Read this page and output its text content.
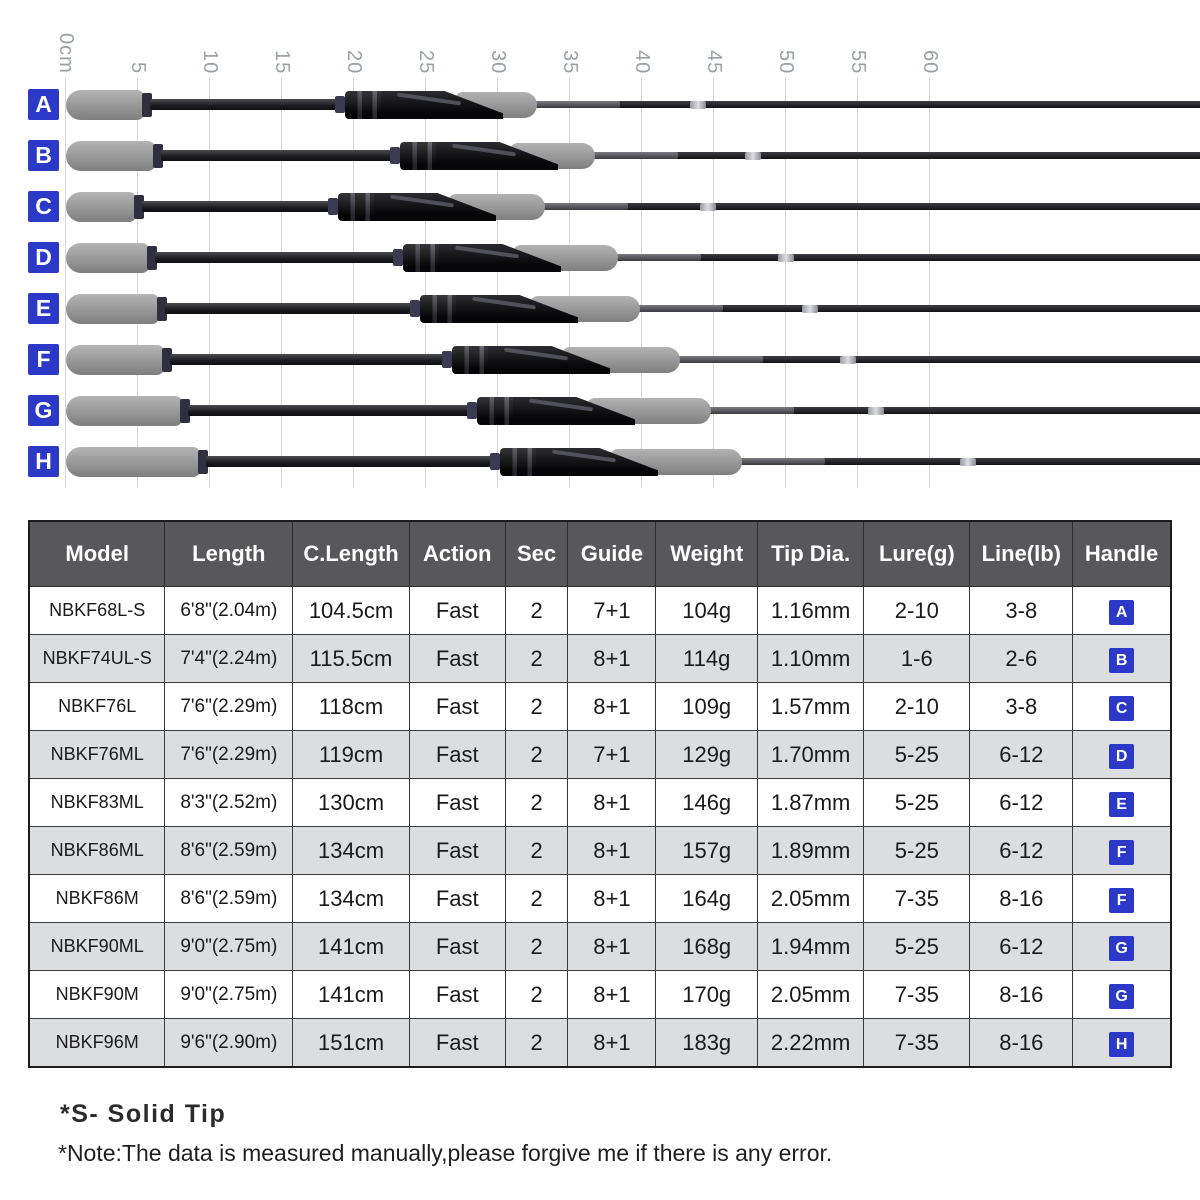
0cm	5	10	15	20	25	30	35	40	45	50	55	60
A
B
C
D
E
F
G
H
Model	Length	C.Length	Action	Sec	Guide	Weight	Tip Dia.	Lure(g)	Line(lb)	Handle
NBKF68L-S	6'8"(2.04m)	104.5cm	Fast	2	7+1	104g	1.16mm	2-10	3-8	A
NBKF74UL-S	7'4"(2.24m)	115.5cm	Fast	2	8+1	114g	1.10mm	1-6	2-6	B
NBKF76L	7'6"(2.29m)	118cm	Fast	2	8+1	109g	1.57mm	2-10	3-8	C
NBKF76ML	7'6"(2.29m)	119cm	Fast	2	7+1	129g	1.70mm	5-25	6-12	D
NBKF83ML	8'3"(2.52m)	130cm	Fast	2	8+1	146g	1.87mm	5-25	6-12	E
NBKF86ML	8'6"(2.59m)	134cm	Fast	2	8+1	157g	1.89mm	5-25	6-12	F
NBKF86M	8'6"(2.59m)	134cm	Fast	2	8+1	164g	2.05mm	7-35	8-16	F
NBKF90ML	9'0"(2.75m)	141cm	Fast	2	8+1	168g	1.94mm	5-25	6-12	G
NBKF90M	9'0"(2.75m)	141cm	Fast	2	8+1	170g	2.05mm	7-35	8-16	G
NBKF96M	9'6"(2.90m)	151cm	Fast	2	8+1	183g	2.22mm	7-35	8-16	H
*S- Solid Tip
*Note:The data is measured manually,please forgive me if there is any error.
